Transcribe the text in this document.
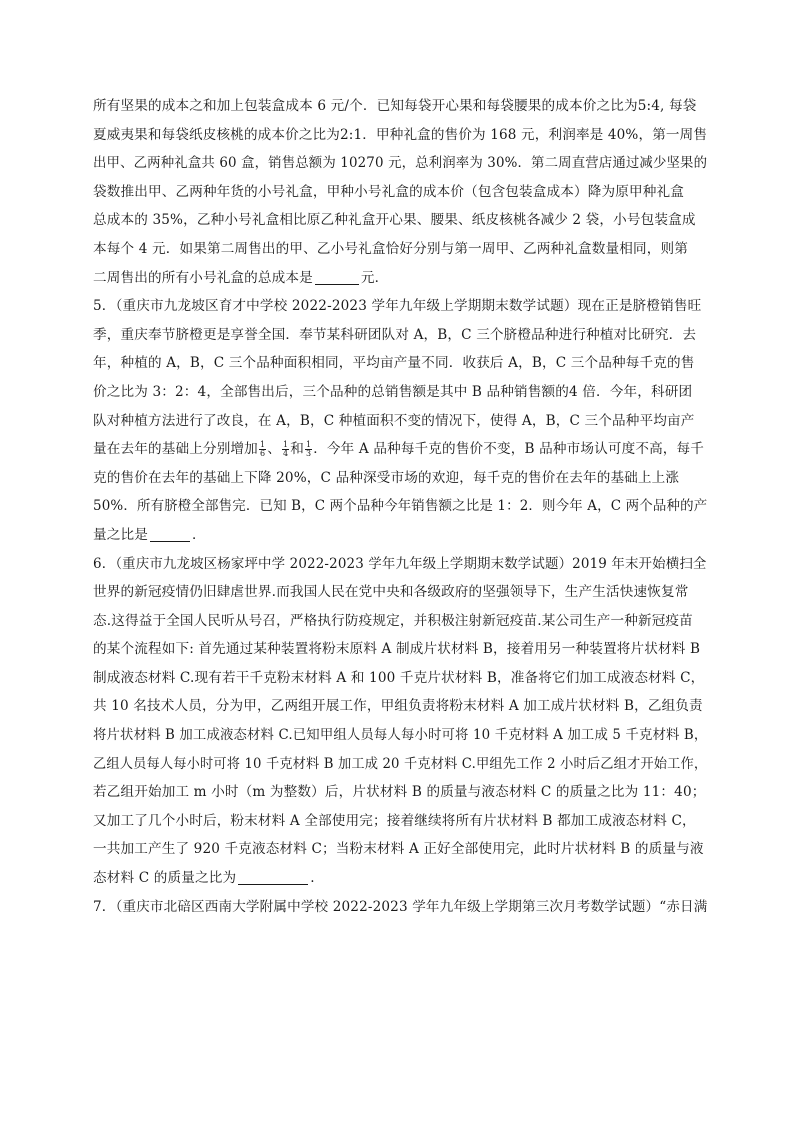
所有坚果的成本之和加上包装盒成本 6 元/个．已知每袋开心果和每袋腰果的成本价之比为5:4, 每袋
夏威夷果和每袋纸皮核桃的成本价之比为2:1．甲种礼盒的售价为 168 元，利润率是 40%，第一周售
出甲、乙两种礼盒共 60 盒，销售总额为 10270 元，总利润率为 30%．第二周直营店通过减少坚果的
袋数推出甲、乙两种年货的小号礼盒，甲种小号礼盒的成本价（包含包装盒成本）降为原甲种礼盒
总成本的 35%，乙种小号礼盒相比原乙种礼盒开心果、腰果、纸皮核桃各减少 2 袋，小号包装盒成
本每个 4 元．如果第二周售出的甲、乙小号礼盒恰好分别与第一周甲、乙两种礼盒数量相同，则第
二周售出的所有小号礼盒的总成本是	元．
5．（重庆市九龙坡区育才中学校 2022-2023 学年九年级上学期期末数学试题）现在正是脐橙销售旺
季，重庆奉节脐橙更是享誉全国．奉节某科研团队对 A，B，C 三个脐橙品种进行种植对比研究．去
年，种植的 A，B，C 三个品种面积相同，平均亩产量不同．收获后 A，B，C 三个品种每千克的售
价之比为 3：2：4，全部售出后，三个品种的总销售额是其中 B 品种销售额的4 倍．今年，科研团
队对种植方法进行了改良，在 A，B，C 种植面积不变的情况下，使得 A，B，C 三个品种平均亩产
量在去年的基础上分别增加 $\frac{1}{6}$ 、 $\frac{1}{4}$ 和 $\frac{1}{3}$ ．今年 A 品种每千克的售价不变，B 品种市场认可度不高，每千
克的售价在去年的基础上下降 20%，C 品种深受市场的欢迎，每千克的售价在去年的基础上上涨
50%．所有脐橙全部售完．已知 B，C 两个品种今年销售额之比是 1：2．则今年 A，C 两个品种的产
量之比是	．
6．（重庆市九龙坡区杨家坪中学 2022-2023 学年九年级上学期期末数学试题）2019 年末开始横扫全
世界的新冠疫情仍旧肆虐世界.而我国人民在党中央和各级政府的坚强领导下，生产生活快速恢复常
态.这得益于全国人民听从号召，严格执行防疫规定，并积极注射新冠疫苗.某公司生产一种新冠疫苗
的某个流程如下: 首先通过某种装置将粉末原料 A 制成片状材料 B，接着用另一种装置将片状材料 B
制成液态材料 C.现有若干千克粉末材料 A 和 100 千克片状材料 B，准备将它们加工成液态材料 C，
共 10 名技术人员，分为甲，乙两组开展工作，甲组负责将粉末材料 A 加工成片状材料 B，乙组负责
将片状材料 B 加工成液态材料 C.已知甲组人员每人每小时可将 10 千克材料 A 加工成 5 千克材料 B，
乙组人员每人每小时可将 10 千克材料 B 加工成 20 千克材料 C.甲组先工作 2 小时后乙组才开始工作，
若乙组开始加工 m 小时（m 为整数）后，片状材料 B 的质量与液态材料 C 的质量之比为 11：40；
又加工了几个小时后，粉末材料 A 全部使用完；接着继续将所有片状材料 B 都加工成液态材料 C，
一共加工产生了 920 千克液态材料 C；当粉末材料 A 正好全部使用完，此时片状材料 B 的质量与液
态材料 C 的质量之比为	.
7．（重庆市北碚区西南大学附属中学校 2022-2023 学年九年级上学期第三次月考数学试题）“赤日满
